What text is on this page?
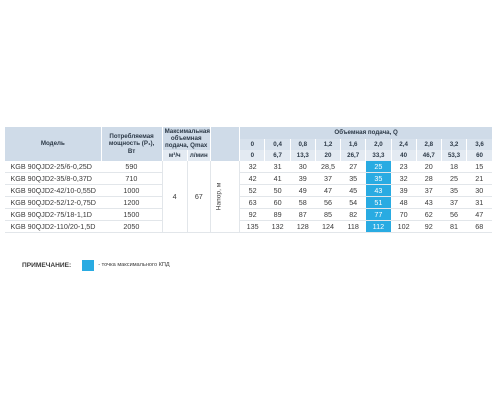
Модель	Потребляемая мощность (P₁), Вт	Максимальная объемная подача, Qmax			Объемная подача, Q									
					0	0,4	0,8	1,2	1,6	2,0	2,4	2,8	3,2	3,6
		м³/ч	л/мин		0	6,7	13,3	20	26,7	33,3	40	46,7	53,3	60
KGB 90QJD2-25/6-0,25D	590	4	67	Напор, м	32	31	30	28,5	27	25	23	20	18	15
KGB 90QJD2-35/8-0,37D	710				42	41	39	37	35	35	32	28	25	21
KGB 90QJD2-42/10-0,55D	1000				52	50	49	47	45	43	39	37	35	30
KGB 90QJD2-52/12-0,75D	1200				63	60	58	56	54	51	48	43	37	31
KGB 90QJD2-75/18-1,1D	1500				92	89	87	85	82	77	70	62	56	47
KGB 90QJD2-110/20-1,5D	2050				135	132	128	124	118	112	102	92	81	68
ПРИМЕЧАНИЕ:	- точка максимального КПД
